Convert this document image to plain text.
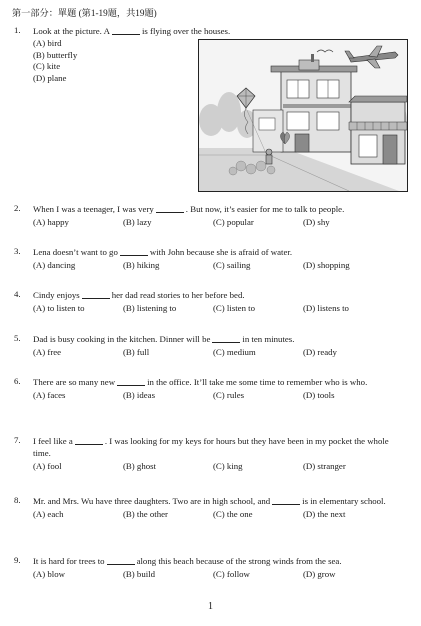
第一部分：單題 (第1-19題，共19題)
1.	Look at the picture. A	is flying over the houses.
(A) bird
(B) butterfly
(C) kite
(D) plane
2.	When I was a teenager, I was very	. But now, it’s easier for me to talk to people.
(A) happy	(B) lazy	(C) popular	(D) shy
3.	Lena doesn’t want to go	with John because she is afraid of water.
(A) dancing	(B) hiking	(C) sailing	(D) shopping
4.	Cindy enjoys	her dad read stories to her before bed.
(A) to listen to	(B) listening to	(C) listen to	(D) listens to
5.	Dad is busy cooking in the kitchen. Dinner will be	in ten minutes.
(A) free	(B) full	(C) medium	(D) ready
6.	There are so many new	in the office. It’ll take me some time to remember who is who.
(A) faces	(B) ideas	(C) rules	(D) tools
7.	I feel like a	. I was looking for my keys for hours but they have been in my pocket the whole time.
(A) fool	(B) ghost	(C) king	(D) stranger
8.	Mr. and Mrs. Wu have three daughters. Two are in high school, and	is in elementary school.
(A) each	(B) the other	(C) the one	(D) the next
9.	It is hard for trees to	along this beach because of the strong winds from the sea.
(A) blow	(B) build	(C) follow	(D) grow
1
